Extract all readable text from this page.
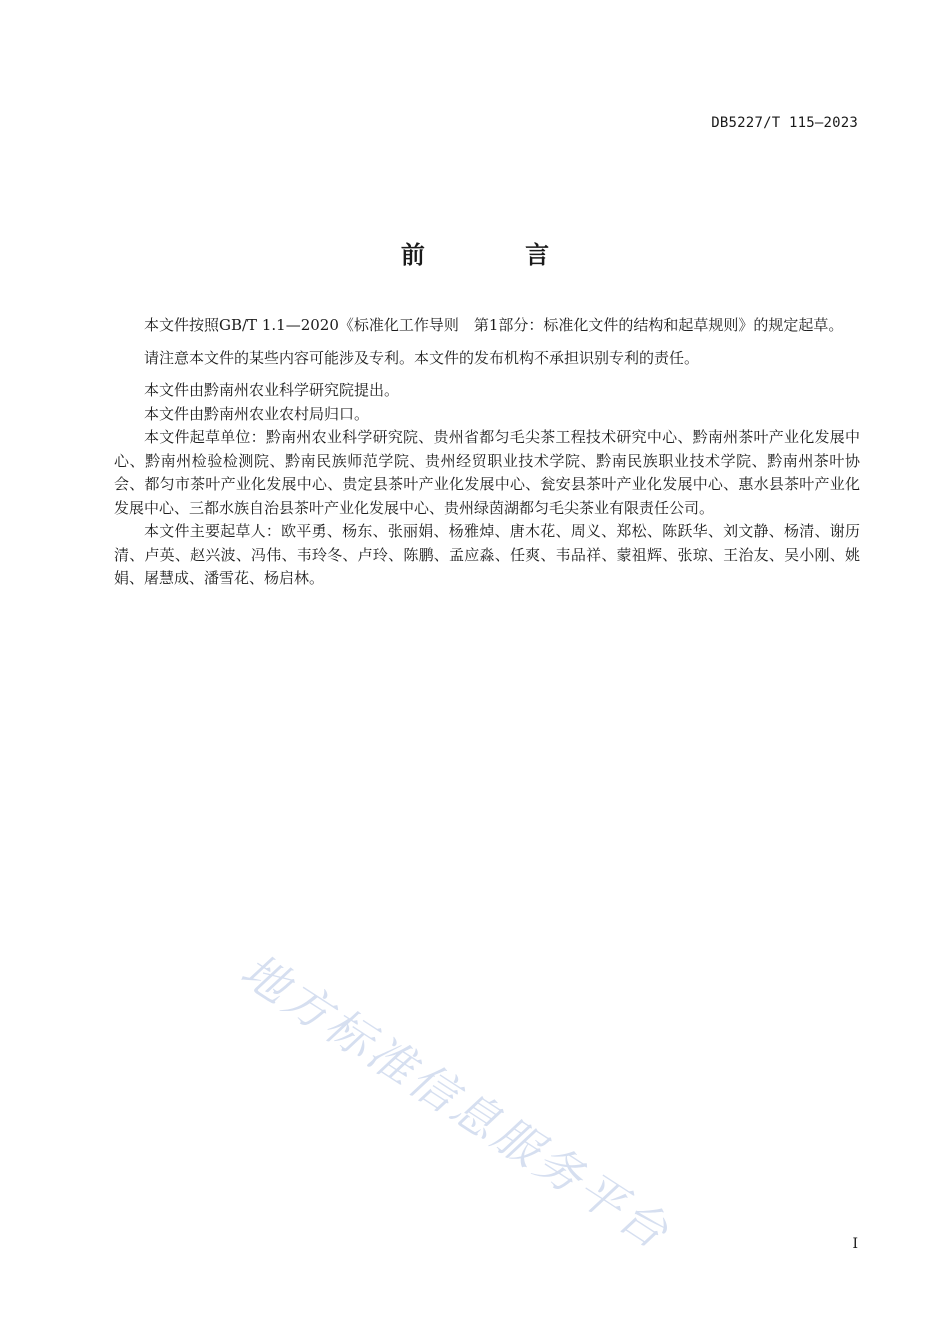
DB5227/T 115—2023
前 言

本文件按照GB/T 1.1—2020《标准化工作导则　第1部分：标准化文件的结构和起草规则》的规定起草。

请注意本文件的某些内容可能涉及专利。本文件的发布机构不承担识别专利的责任。

本文件由黔南州农业科学研究院提出。

本文件由黔南州农业农村局归口。

本文件起草单位：黔南州农业科学研究院、贵州省都匀毛尖茶工程技术研究中心、黔南州茶叶产业化发展中心、黔南州检验检测院、黔南民族师范学院、贵州经贸职业技术学院、黔南民族职业技术学院、黔南州茶叶协会、都匀市茶叶产业化发展中心、贵定县茶叶产业化发展中心、瓮安县茶叶产业化发展中心、惠水县茶叶产业化发展中心、三都水族自治县茶叶产业化发展中心、贵州绿茵湖都匀毛尖茶业有限责任公司。

本文件主要起草人：欧平勇、杨东、张丽娟、杨雅焯、唐木花、周义、郑松、陈跃华、刘文静、杨清、谢历清、卢英、赵兴波、冯伟、韦玲冬、卢玲、陈鹏、孟应淼、任爽、韦品祥、蒙祖辉、张琼、王治友、吴小刚、姚娟、屠慧成、潘雪花、杨启林。

地方标准信息服务平台	I
